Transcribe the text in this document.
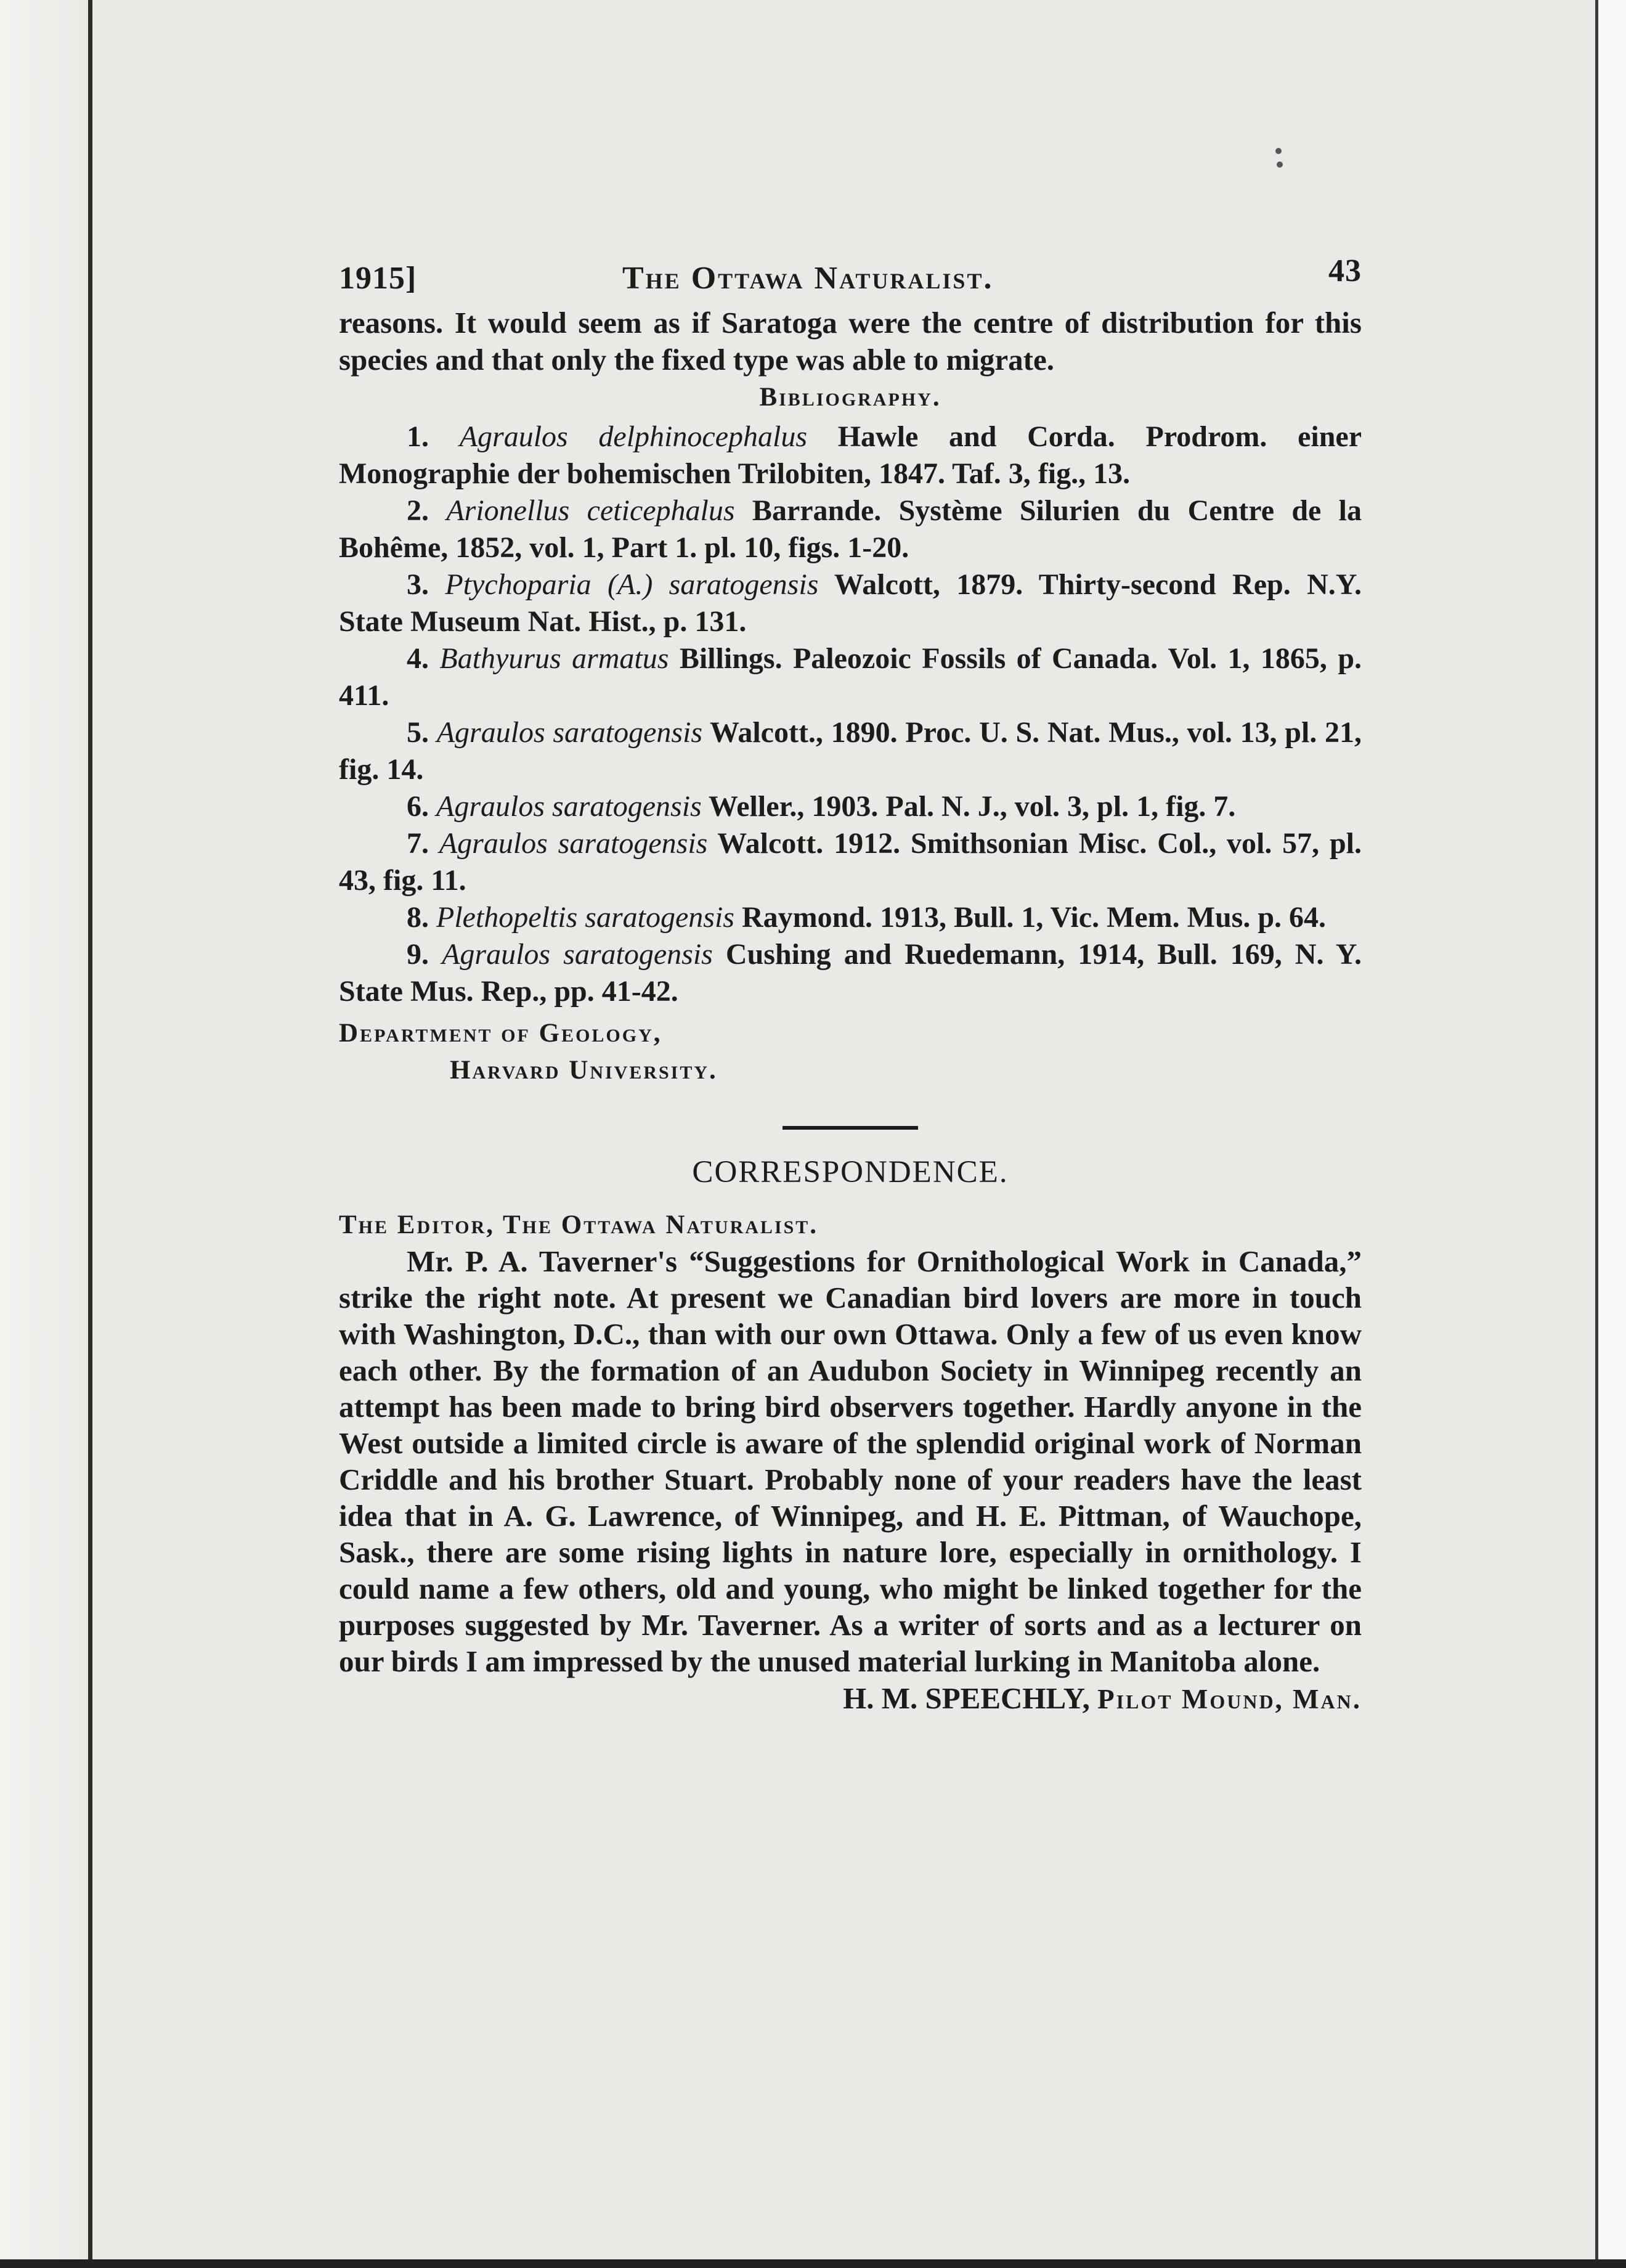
1915]	The Ottawa Naturalist.	43

reasons. It would seem as if Saratoga were the centre of distribution for this species and that only the fixed type was able to migrate.

Bibliography.

1. Agraulos delphinocephalus Hawle and Corda. Prodrom. einer Monographie der bohemischen Trilobiten, 1847. Taf. 3, fig., 13.

2. Arionellus ceticephalus Barrande. Système Silurien du Centre de la Bohême, 1852, vol. 1, Part 1. pl. 10, figs. 1-20.

3. Ptychoparia (A.) saratogensis Walcott, 1879. Thirty-second Rep. N.Y. State Museum Nat. Hist., p. 131.

4. Bathyurus armatus Billings. Paleozoic Fossils of Canada. Vol. 1, 1865, p. 411.

5. Agraulos saratogensis Walcott., 1890. Proc. U. S. Nat. Mus., vol. 13, pl. 21, fig. 14.

6. Agraulos saratogensis Weller., 1903. Pal. N. J., vol. 3, pl. 1, fig. 7.

7. Agraulos saratogensis Walcott. 1912. Smithsonian Misc. Col., vol. 57, pl. 43, fig. 11.

8. Plethopeltis saratogensis Raymond. 1913, Bull. 1, Vic. Mem. Mus. p. 64.

9. Agraulos saratogensis Cushing and Ruedemann, 1914, Bull. 169, N. Y. State Mus. Rep., pp. 41-42.

Department of Geology,
Harvard University.
CORRESPONDENCE.
The Editor, The Ottawa Naturalist.

Mr. P. A. Taverner's “Suggestions for Ornithological Work in Canada,” strike the right note. At present we Canadian bird lovers are more in touch with Washington, D.C., than with our own Ottawa. Only a few of us even know each other. By the formation of an Audubon Society in Winnipeg recently an attempt has been made to bring bird observers together. Hardly anyone in the West outside a limited circle is aware of the splendid original work of Norman Criddle and his brother Stuart. Probably none of your readers have the least idea that in A. G. Lawrence, of Winnipeg, and H. E. Pittman, of Wauchope, Sask., there are some rising lights in nature lore, especially in ornithology. I could name a few others, old and young, who might be linked together for the purposes suggested by Mr. Taverner. As a writer of sorts and as a lecturer on our birds I am impressed by the unused material lurking in Manitoba alone.

H. M. SPEECHLY, Pilot Mound, Man.
